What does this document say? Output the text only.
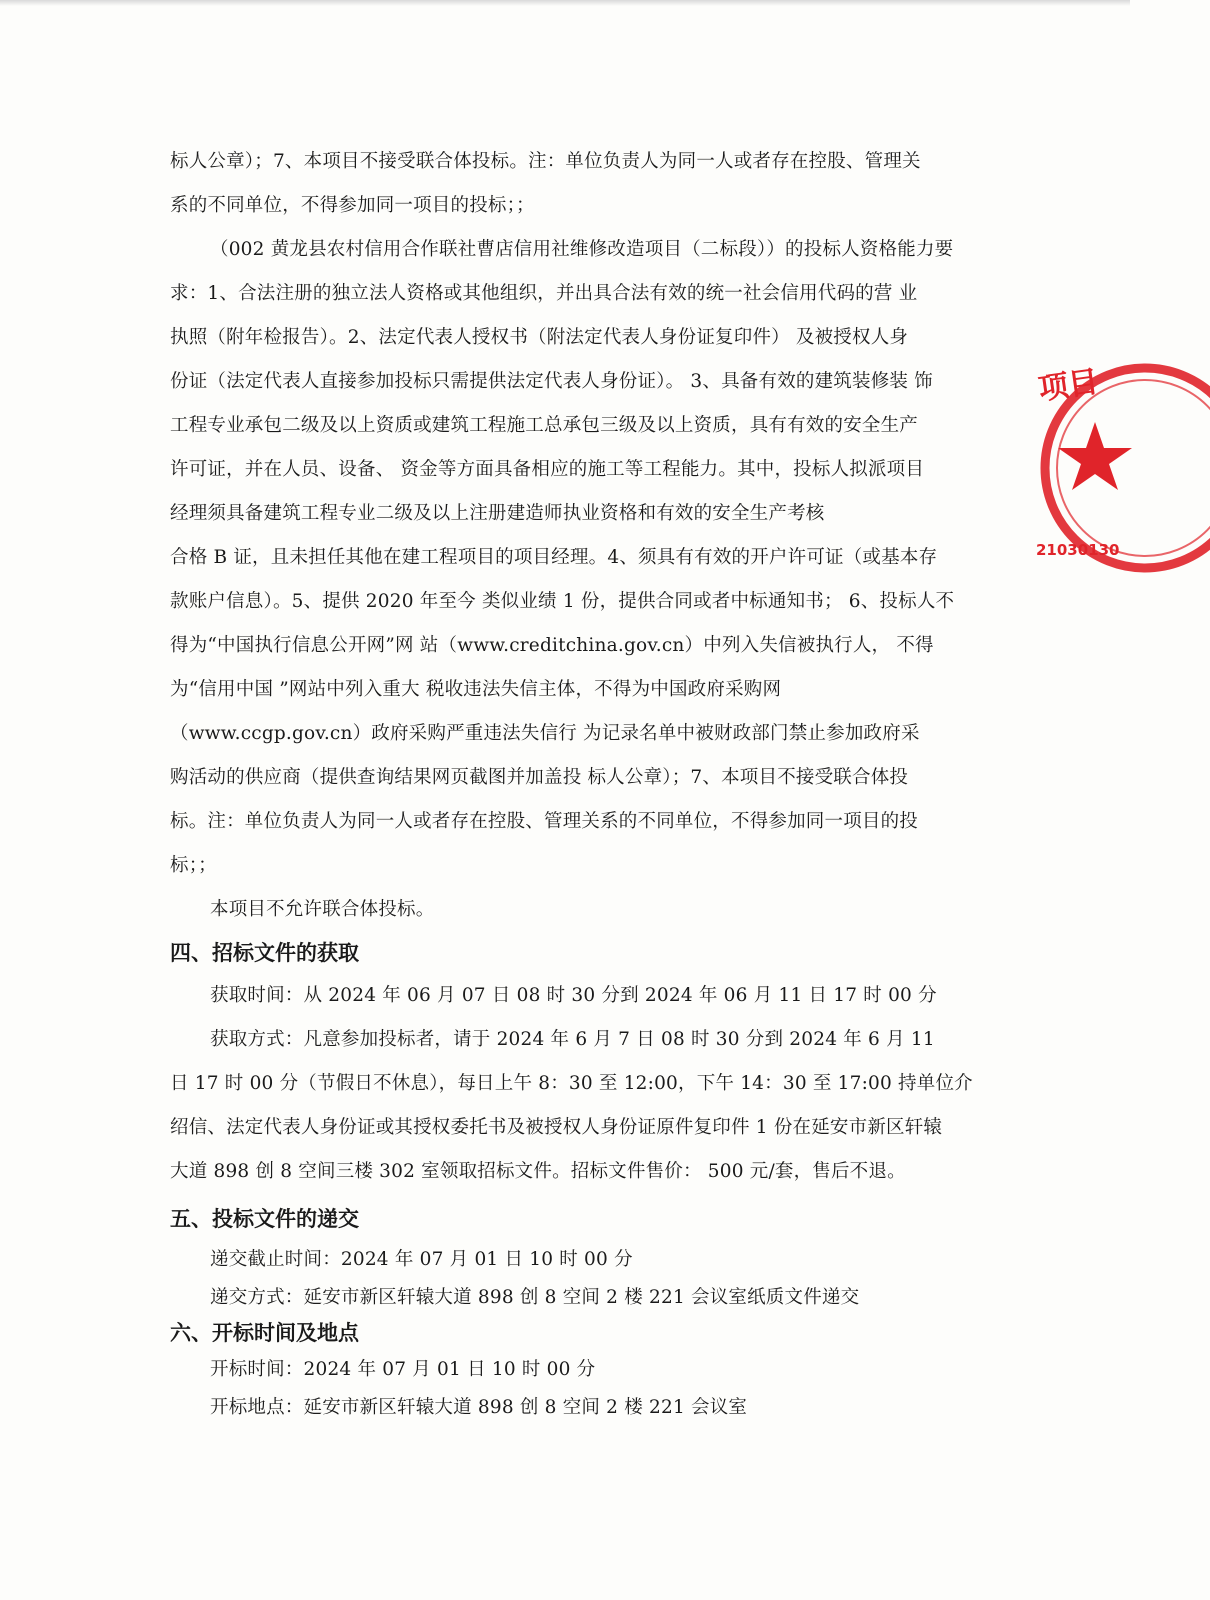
标人公章）；7、本项目不接受联合体投标。注：单位负责人为同一人或者存在控股、管理关
系的不同单位，不得参加同一项目的投标；；
（002 黄龙县农村信用合作联社曹店信用社维修改造项目（二标段））的投标人资格能力要
求：1、合法注册的独立法人资格或其他组织，并出具合法有效的统一社会信用代码的营 业
执照（附年检报告）。2、法定代表人授权书（附法定代表人身份证复印件） 及被授权人身
份证（法定代表人直接参加投标只需提供法定代表人身份证）。 3、具备有效的建筑装修装 饰
工程专业承包二级及以上资质或建筑工程施工总承包三级及以上资质，具有有效的安全生产
许可证，并在人员、设备、 资金等方面具备相应的施工等工程能力。其中，投标人拟派项目
经理须具备建筑工程专业二级及以上注册建造师执业资格和有效的安全生产考核
合格 B 证，且未担任其他在建工程项目的项目经理。4、须具有有效的开户许可证（或基本存
款账户信息）。5、提供 2020 年至今 类似业绩 1 份，提供合同或者中标通知书； 6、投标人不
得为“中国执行信息公开网”网 站（www.creditchina.gov.cn）中列入失信被执行人， 不得
为“信用中国 ”网站中列入重大 税收违法失信主体，不得为中国政府采购网
（www.ccgp.gov.cn）政府采购严重违法失信行 为记录名单中被财政部门禁止参加政府采
购活动的供应商（提供查询结果网页截图并加盖投 标人公章）；7、本项目不接受联合体投
标。注：单位负责人为同一人或者存在控股、管理关系的不同单位，不得参加同一项目的投
标；；
本项目不允许联合体投标。
四、招标文件的获取
获取时间：从 2024 年 06 月 07 日 08 时 30 分到 2024 年 06 月 11 日 17 时 00 分
获取方式：凡意参加投标者，请于 2024 年 6 月 7 日 08 时 30 分到 2024 年 6 月 11
日 17 时 00 分（节假日不休息），每日上午 8：30 至 12:00，下午 14：30 至 17:00 持单位介
绍信、法定代表人身份证或其授权委托书及被授权人身份证原件复印件 1 份在延安市新区轩辕
大道 898 创 8 空间三楼 302 室领取招标文件。招标文件售价： 500 元/套，售后不退。
五、投标文件的递交
递交截止时间：2024 年 07 月 01 日 10 时 00 分
递交方式：延安市新区轩辕大道 898 创 8 空间 2 楼 221 会议室纸质文件递交
六、开标时间及地点
开标时间：2024 年 07 月 01 日 10 时 00 分
开标地点：延安市新区轩辕大道 898 创 8 空间 2 楼 221 会议室
项目
21030130
